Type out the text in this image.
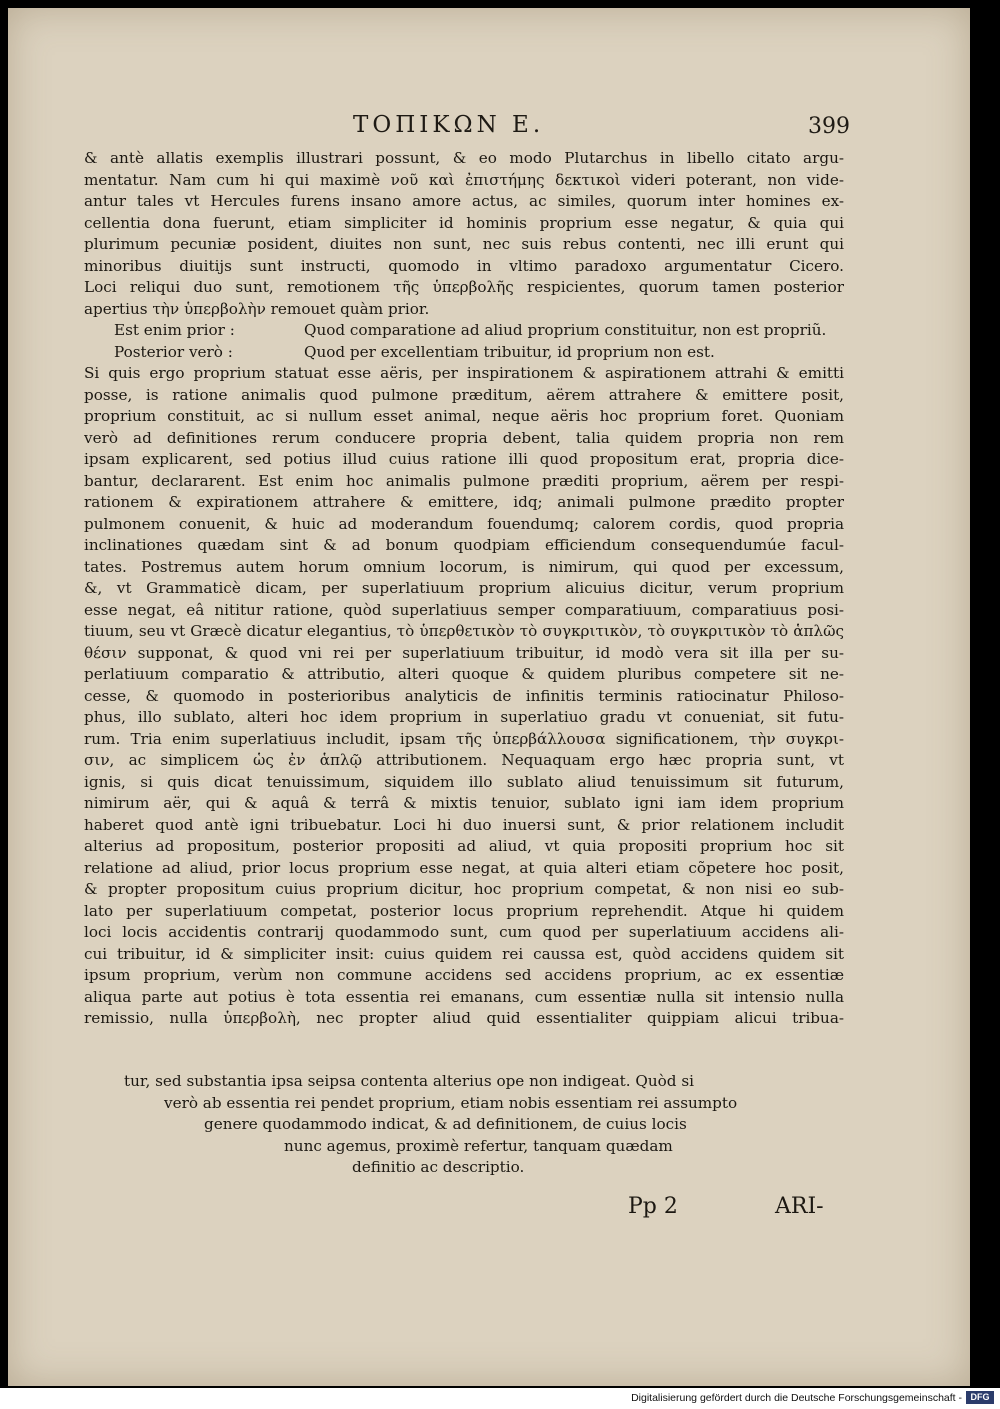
ΤΟΠΙΚΩΝ Ε.	399
& antè allatis exemplis illustrari possunt, & eo modo Plutarchus in libello citato argu-
mentatur. Nam cum hi qui maximè νοῦ καὶ ἐπιστήμης δεκτικοὶ videri poterant, non vide-
antur tales vt Hercules furens insano amore actus, ac similes, quorum inter homines ex-
cellentia dona fuerunt, etiam simpliciter id hominis proprium esse negatur, & quia qui
plurimum pecuniæ posident, diuites non sunt, nec suis rebus contenti, nec illi erunt qui
minoribus diuitijs sunt instructi, quomodo in vltimo paradoxo argumentatur Cicero.
Loci reliqui duo sunt, remotionem τῆς ὑπερβολῆς respicientes, quorum tamen posterior
apertius τὴν ὑπερβολὴν remouet quàm prior.
Est enim prior :	Quod comparatione ad aliud proprium constituitur, non est propriũ.
Posterior verò :	Quod per excellentiam tribuitur, id proprium non est.
Si quis ergo proprium statuat esse aëris, per inspirationem & aspirationem attrahi & emitti
posse, is ratione animalis quod pulmone præditum, aërem attrahere & emittere posit,
proprium constituit, ac si nullum esset animal, neque aëris hoc proprium foret. Quoniam
verò ad definitiones rerum conducere propria debent, talia quidem propria non rem
ipsam explicarent, sed potius illud cuius ratione illi quod propositum erat, propria dice-
bantur, declararent. Est enim hoc animalis pulmone præditi proprium, aërem per respi-
rationem & expirationem attrahere & emittere, idq; animali pulmone prædito propter
pulmonem conuenit, & huic ad moderandum fouendumq; calorem cordis, quod propria
inclinationes quædam sint & ad bonum quodpiam efficiendum consequendumúe facul-
tates. Postremus autem horum omnium locorum, is nimirum, qui quod per excessum,
&, vt Grammaticè dicam, per superlatiuum proprium alicuius dicitur, verum proprium
esse negat, eâ nititur ratione, quòd superlatiuus semper comparatiuum, comparatiuus posi-
tiuum, seu vt Græcè dicatur elegantius, τὸ ὑπερθετικὸν τὸ συγκριτικὸν, τὸ συγκριτικὸν τὸ ἁπλῶς
θέσιν supponat, & quod vni rei per superlatiuum tribuitur, id modò vera sit illa per su-
perlatiuum comparatio & attributio, alteri quoque & quidem pluribus competere sit ne-
cesse, & quomodo in posterioribus analyticis de infinitis terminis ratiocinatur Philoso-
phus, illo sublato, alteri hoc idem proprium in superlatiuo gradu vt conueniat, sit futu-
rum. Tria enim superlatiuus includit, ipsam τῆς ὑπερβάλλουσα significationem, τὴν συγκρι-
σιν, ac simplicem ὡς ἐν ἁπλῷ attributionem. Nequaquam ergo hæc propria sunt, vt
ignis, si quis dicat tenuissimum, siquidem illo sublato aliud tenuissimum sit futurum,
nimirum aër, qui & aquâ & terrâ & mixtis tenuior, sublato igni iam idem proprium
haberet quod antè igni tribuebatur. Loci hi duo inuersi sunt, & prior relationem includit
alterius ad propositum, posterior propositi ad aliud, vt quia propositi proprium hoc sit
relatione ad aliud, prior locus proprium esse negat, at quia alteri etiam cõpetere hoc posit,
& propter propositum cuius proprium dicitur, hoc proprium competat, & non nisi eo sub-
lato per superlatiuum competat, posterior locus proprium reprehendit. Atque hi quidem
loci locis accidentis contrarij quodammodo sunt, cum quod per superlatiuum accidens ali-
cui tribuitur, id & simpliciter insit: cuius quidem rei caussa est, quòd accidens quidem sit
ipsum proprium, verùm non commune accidens sed accidens proprium, ac ex essentiæ
aliqua parte aut potius è tota essentia rei emanans, cum essentiæ nulla sit intensio nulla
remissio, nulla ὑπερβολὴ, nec propter aliud quid essentialiter quippiam alicui tribua-
tur, sed substantia ipsa seipsa contenta alterius ope non indigeat. Quòd si
verò ab essentia rei pendet proprium, etiam nobis essentiam rei assumpto
genere quodammodo indicat, & ad definitionem, de cuius locis
nunc agemus, proximè refertur, tanquam quædam
definitio ac descriptio.
Pp 2	ARI-
Digitalisierung gefördert durch die Deutsche Forschungsgemeinschaft - DFG
